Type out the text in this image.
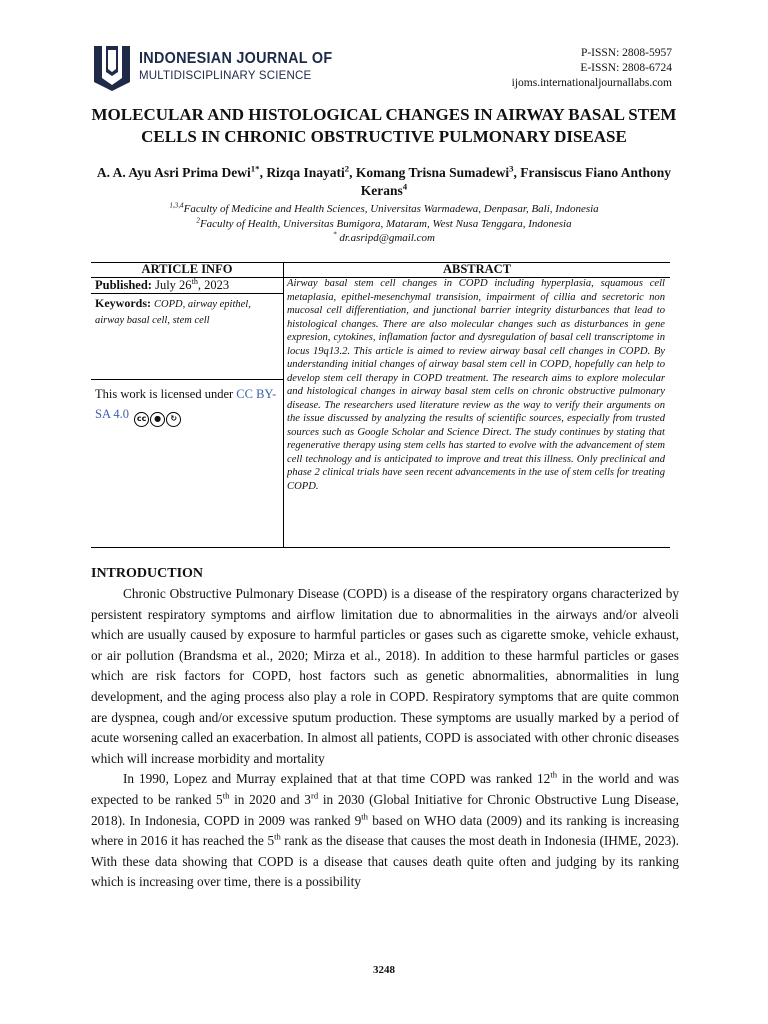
INDONESIAN JOURNAL OF
MULTIDISCIPLINARY SCIENCE
P-ISSN: 2808-5957
E-ISSN: 2808-6724
ijoms.internationaljournallabs.com
MOLECULAR AND HISTOLOGICAL CHANGES IN AIRWAY BASAL STEM CELLS IN CHRONIC OBSTRUCTIVE PULMONARY DISEASE
A. A. Ayu Asri Prima Dewi$^{1*}$, Rizqa Inayati$^2$, Komang Trisna Sumadewi$^3$, Fransiscus Fiano Anthony Kerans$^4$
$^{1,3,4}$Faculty of Medicine and Health Sciences, Universitas Warmadewa, Denpasar, Bali, Indonesia
$^2$Faculty of Health, Universitas Bumigora, Mataram, West Nusa Tenggara, Indonesia
* dr.asripd@gmail.com
ARTICLE INFO	ABSTRACT
Published: July 26th, 2023
Keywords: COPD, airway epithel, airway basal cell, stem cell
This work is licensed under CC BY-SA 4.0 cc ●	↻
Airway basal stem cell changes in COPD including hyperplasia, squamous cell metaplasia, epithel-mesenchymal transision, impairment of cillia and secretoric non mucosal cell differentiation, and junctional barrier integrity disturbances that lead to histological changes. There are also molecular changes such as disturbances in gene expresion, cytokines, inflamation factor and dysregulation of basal cell transcriptome in locus 19q13.2. This article is aimed to review airway basal cell changes in COPD. By understanding initial changes of airway basal stem cell in COPD, hopefully can help to develop stem cell therapy in COPD treatment. The research aims to explore molecular and histological changes in airway basal stem cells on chronic obstructive pulmonary disease. The researchers used literature review as the way to verify their arguments on the issue discussed by analyzing the results of scientific sources, especially from trusted sources such as Google Scholar and Science Direct. The study continues by stating that regenerative therapy using stem cells has started to evolve with the advancement of stem cell technology and is anticipated to improve and treat this illness. Only preclinical and phase 2 clinical trials have seen recent advancements in the use of stem cells for treating COPD.
INTRODUCTION

Chronic Obstructive Pulmonary Disease (COPD) is a disease of the respiratory organs characterized by persistent respiratory symptoms and airflow limitation due to abnormalities in the airways and/or alveoli which are usually caused by exposure to harmful particles or gases such as cigarette smoke, vehicle exhaust, or air pollution (Brandsma et al., 2020; Mirza et al., 2018). In addition to these harmful particles or gases which are risk factors for COPD, host factors such as genetic abnormalities, abnormalities in lung development, and the aging process also play a role in COPD. Respiratory symptoms that are quite common are dyspnea, cough and/or excessive sputum production. These symptoms are usually marked by a period of acute worsening called an exacerbation. In almost all patients, COPD is associated with other chronic diseases which will increase morbidity and mortality

In 1990, Lopez and Murray explained that at that time COPD was ranked 12th in the world and was expected to be ranked 5th in 2020 and 3rd in 2030 (Global Initiative for Chronic Obstructive Lung Disease, 2018). In Indonesia, COPD in 2009 was ranked 9th based on WHO data (2009) and its ranking is increasing where in 2016 it has reached the 5th rank as the disease that causes the most death in Indonesia (IHME, 2023). With these data showing that COPD is a disease that causes death quite often and judging by its ranking which is increasing over time, there is a possibility

3248
